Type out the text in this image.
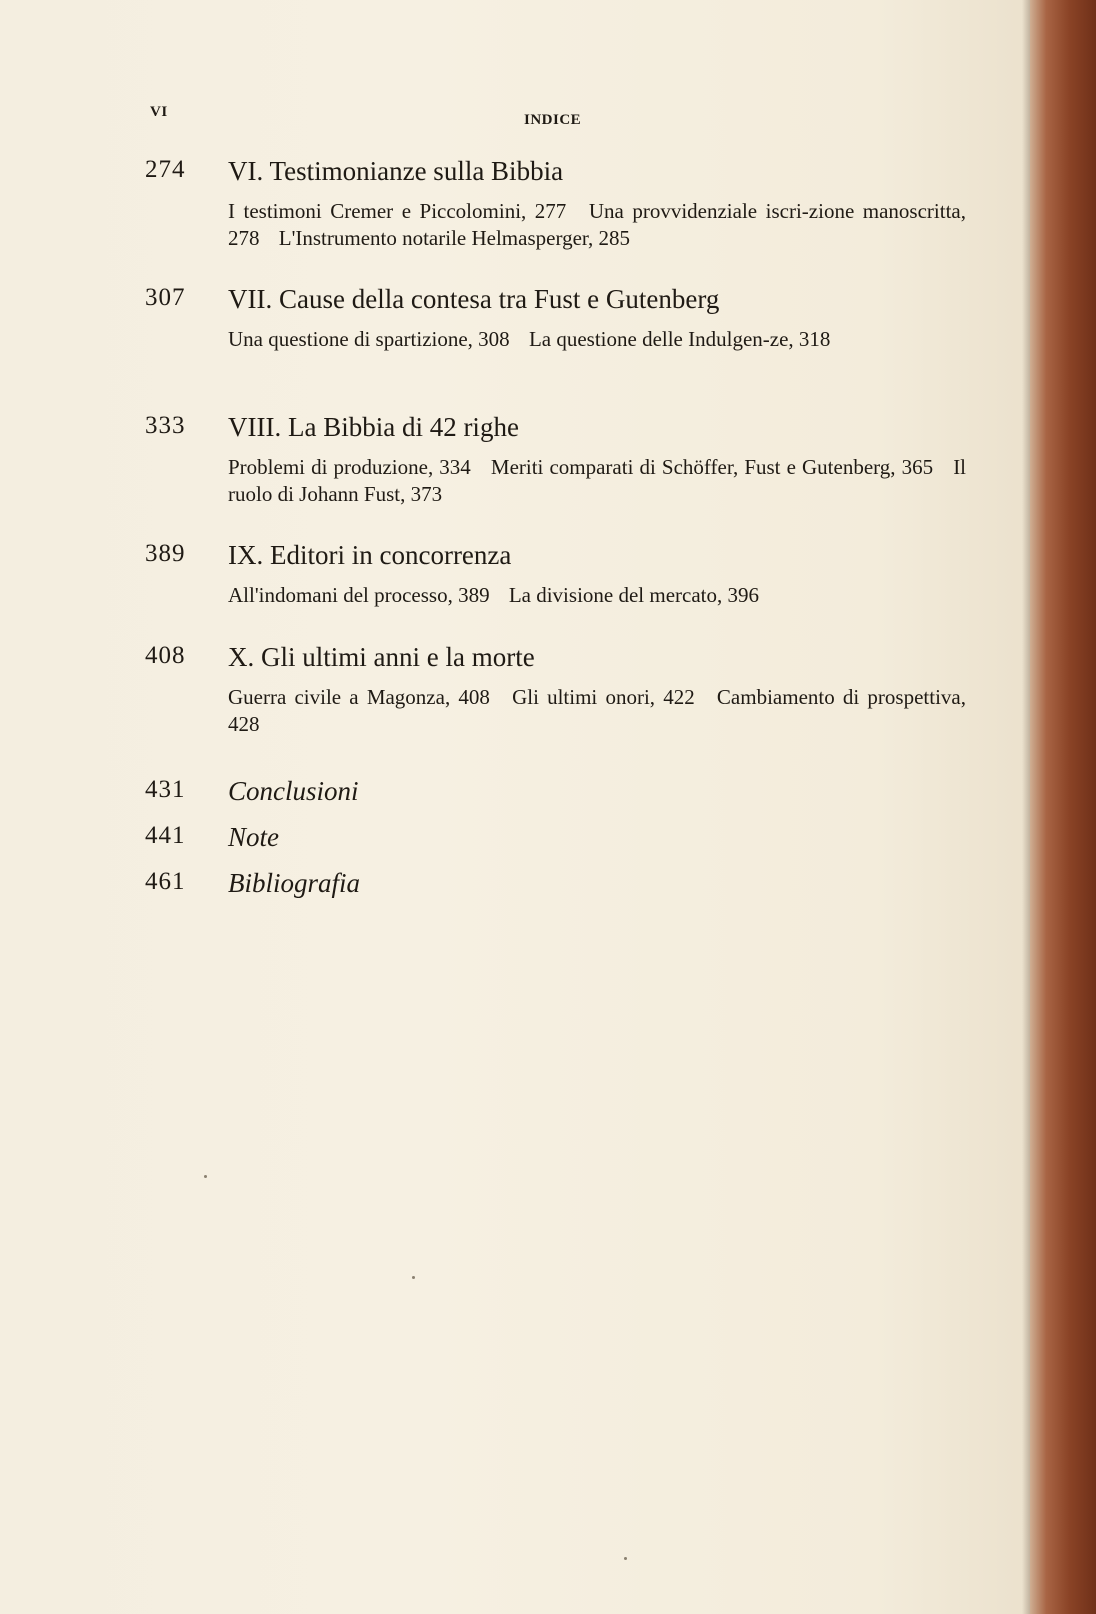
VI	INDICE
274 VI. Testimonianze sulla Bibbia
I testimoni Cremer e Piccolomini, 277 Una provvidenziale iscri-zione manoscritta, 278 L'Instrumento notarile Helmasperger, 285
307 VII. Cause della contesa tra Fust e Gutenberg
Una questione di spartizione, 308 La questione delle Indulgen-ze, 318
333 VIII. La Bibbia di 42 righe
Problemi di produzione, 334 Meriti comparati di Schöffer, Fust e Gutenberg, 365 Il ruolo di Johann Fust, 373
389 IX. Editori in concorrenza
All'indomani del processo, 389 La divisione del mercato, 396
408 X. Gli ultimi anni e la morte
Guerra civile a Magonza, 408 Gli ultimi onori, 422 Cambiamento di prospettiva, 428
431 Conclusioni
441 Note
461 Bibliografia
